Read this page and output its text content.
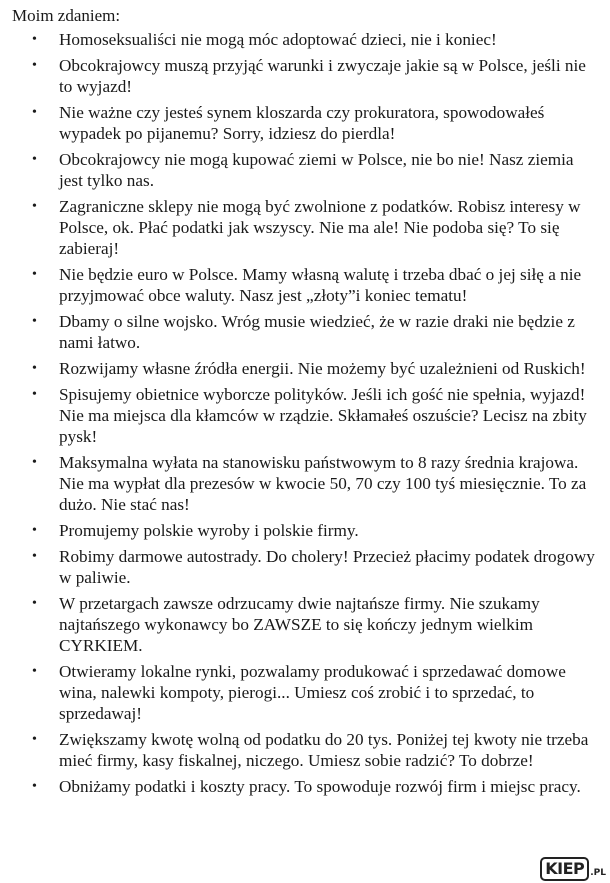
Moim zdaniem:

• Homoseksualiści nie mogą móc adoptować dzieci, nie i koniec!
• Obcokrajowcy muszą przyjąć warunki i zwyczaje jakie są w Polsce, jeśli nie to wyjazd!
• Nie ważne czy jesteś synem kloszarda czy prokuratora, spowodowałeś wypadek po pijanemu? Sorry, idziesz do pierdla!
• Obcokrajowcy nie mogą kupować ziemi w Polsce, nie bo nie! Nasz ziemia jest tylko nas.
• Zagraniczne sklepy nie mogą być zwolnione z podatków. Robisz interesy w Polsce, ok. Płać podatki jak wszyscy. Nie ma ale! Nie podoba się? To się zabieraj!
• Nie będzie euro w Polsce. Mamy własną walutę i trzeba dbać o jej siłę a nie przyjmować obce waluty. Nasz jest „złoty”i koniec tematu!
• Dbamy o silne wojsko. Wróg musie wiedzieć, że w razie draki nie będzie z nami łatwo.
• Rozwijamy własne źródła energii. Nie możemy być uzależnieni od Ruskich!
• Spisujemy obietnice wyborcze polityków. Jeśli ich gość nie spełnia, wyjazd! Nie ma miejsca dla kłamców w rządzie. Skłamałeś oszuście? Lecisz na zbity pysk!
• Maksymalna wyłata na stanowisku państwowym to 8 razy średnia krajowa. Nie ma wypłat dla prezesów w kwocie 50, 70 czy 100 tyś miesięcznie. To za dużo. Nie stać nas!
• Promujemy polskie wyroby i polskie firmy.
• Robimy darmowe autostrady. Do cholery! Przecież płacimy podatek drogowy w paliwie.
• W przetargach zawsze odrzucamy dwie najtańsze firmy. Nie szukamy najtańszego wykonawcy bo ZAWSZE to się kończy jednym wielkim CYRKIEM.
• Otwieramy lokalne rynki, pozwalamy produkować i sprzedawać domowe wina, nalewki kompoty, pierogi... Umiesz coś zrobić i to sprzedać, to sprzedawaj!
• Zwiększamy kwotę wolną od podatku do 20 tys. Poniżej tej kwoty nie trzeba mieć firmy, kasy fiskalnej, niczego. Umiesz sobie radzić? To dobrze!
• Obniżamy podatki i koszty pracy. To spowoduje rozwój firm i miejsc pracy.
KIEP .PL
